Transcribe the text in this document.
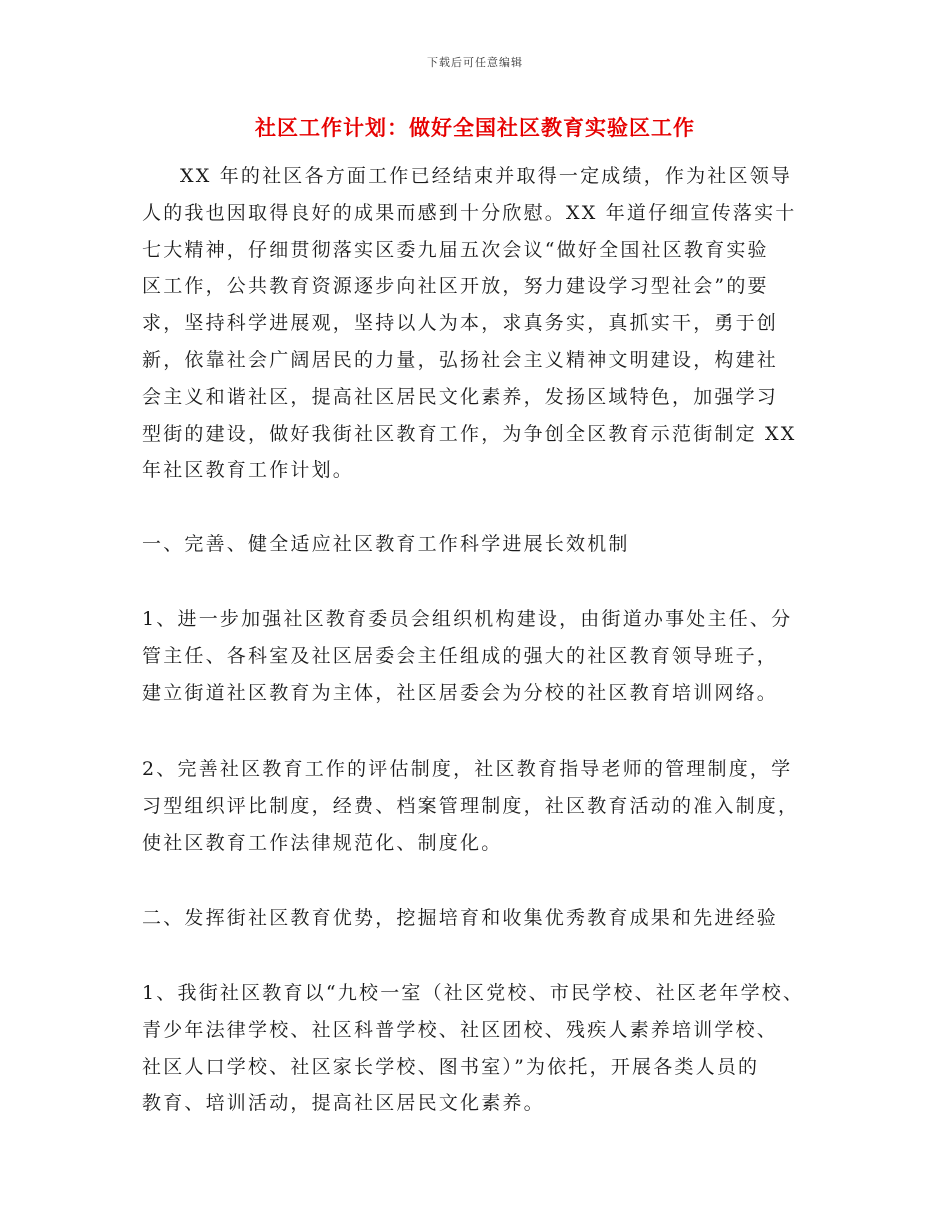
下载后可任意编辑
社区工作计划：做好全国社区教育实验区工作
XX 年的社区各方面工作已经结束并取得一定成绩，作为社区领导
人的我也因取得良好的成果而感到十分欣慰。XX 年道仔细宣传落实十
七大精神，仔细贯彻落实区委九届五次会议“做好全国社区教育实验
区工作，公共教育资源逐步向社区开放，努力建设学习型社会”的要
求，坚持科学进展观，坚持以人为本，求真务实，真抓实干，勇于创
新，依靠社会广阔居民的力量，弘扬社会主义精神文明建设，构建社
会主义和谐社区，提高社区居民文化素养，发扬区域特色，加强学习
型街的建设，做好我街社区教育工作，为争创全区教育示范街制定 XX
年社区教育工作计划。
一、完善、健全适应社区教育工作科学进展长效机制
1、进一步加强社区教育委员会组织机构建设，由街道办事处主任、分
管主任、各科室及社区居委会主任组成的强大的社区教育领导班子，
建立街道社区教育为主体，社区居委会为分校的社区教育培训网络。
2、完善社区教育工作的评估制度，社区教育指导老师的管理制度，学
习型组织评比制度，经费、档案管理制度，社区教育活动的准入制度，
使社区教育工作法律规范化、制度化。
二、发挥街社区教育优势，挖掘培育和收集优秀教育成果和先进经验
1、我街社区教育以“九校一室（社区党校、市民学校、社区老年学校、
青少年法律学校、社区科普学校、社区团校、残疾人素养培训学校、
社区人口学校、社区家长学校、图书室）”为依托，开展各类人员的
教育、培训活动，提高社区居民文化素养。
